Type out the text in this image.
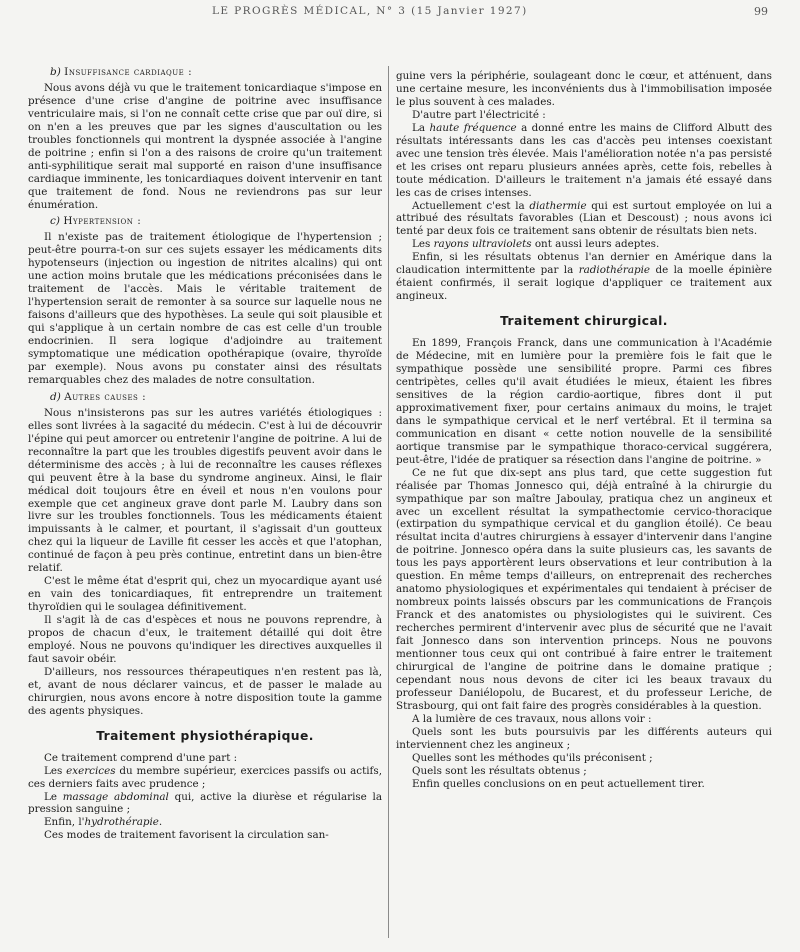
LE PROGRÈS MÉDICAL, N° 3 (15 Janvier 1927)	99
b) Insuffisance cardiaque :

Nous avons déjà vu que le traitement tonicardiaque s'impose en présence d'une crise d'angine de poitrine avec insuffisance ventriculaire mais, si l'on ne connaît cette crise que par ouï dire, si on n'en a les preuves que par les signes d'auscultation ou les troubles fonctionnels qui montrent la dyspnée associée à l'angine de poitrine ; enfin si l'on a des raisons de croire qu'un traitement anti-syphilitique serait mal supporté en raison d'une insuffisance cardiaque imminente, les tonicardiaques doivent intervenir en tant que traitement de fond. Nous ne reviendrons pas sur leur énumération.

c) Hypertension :

Il n'existe pas de traitement étiologique de l'hypertension ; peut-être pourra-t-on sur ces sujets essayer les médicaments dits hypotenseurs (injection ou ingestion de nitrites alcalins) qui ont une action moins brutale que les médications préconisées dans le traitement de l'accès. Mais le véritable traitement de l'hypertension serait de remonter à sa source sur laquelle nous ne faisons d'ailleurs que des hypothèses. La seule qui soit plausible et qui s'applique à un certain nombre de cas est celle d'un trouble endocrinien. Il sera logique d'adjoindre au traitement symptomatique une médication opothérapique (ovaire, thyroïde par exemple). Nous avons pu constater ainsi des résultats remarquables chez des malades de notre consultation.

d) Autres causes :

Nous n'insisterons pas sur les autres variétés étiologiques : elles sont livrées à la sagacité du médecin. C'est à lui de découvrir l'épine qui peut amorcer ou entretenir l'angine de poitrine. A lui de reconnaître la part que les troubles digestifs peuvent avoir dans le déterminisme des accès ; à lui de reconnaître les causes réflexes qui peuvent être à la base du syndrome angineux. Ainsi, le flair médical doit toujours être en éveil et nous n'en voulons pour exemple que cet angineux grave dont parle M. Laubry dans son livre sur les troubles fonctionnels. Tous les médicaments étaient impuissants à le calmer, et pourtant, il s'agissait d'un goutteux chez qui la liqueur de Laville fit cesser les accès et que l'atophan, continué de façon à peu près continue, entretint dans un bien-être relatif.

C'est le même état d'esprit qui, chez un myocardique ayant usé en vain des tonicardiaques, fit entreprendre un traitement thyroïdien qui le soulagea définitivement.

Il s'agit là de cas d'espèces et nous ne pouvons reprendre, à propos de chacun d'eux, le traitement détaillé qui doit être employé. Nous ne pouvons qu'indiquer les directives auxquelles il faut savoir obéir.

D'ailleurs, nos ressources thérapeutiques n'en restent pas là, et, avant de nous déclarer vaincus, et de passer le malade au chirurgien, nous avons encore à notre disposition toute la gamme des agents physiques.

Traitement physiothérapique.

Ce traitement comprend d'une part :

Les exercices du membre supérieur, exercices passifs ou actifs, ces derniers faits avec prudence ;

Le massage abdominal qui, active la diurèse et régularise la pression sanguine ;

Enfin, l'hydrothérapie.

Ces modes de traitement favorisent la circulation san-

guine vers la périphérie, soulageant donc le cœur, et atténuent, dans une certaine mesure, les inconvénients dus à l'immobilisation imposée le plus souvent à ces malades.

D'autre part l'électricité :

La haute fréquence a donné entre les mains de Clifford Albutt des résultats intéressants dans les cas d'accès peu intenses coexistant avec une tension très élevée. Mais l'amélioration notée n'a pas persisté et les crises ont reparu plusieurs années après, cette fois, rebelles à toute médication. D'ailleurs le traitement n'a jamais été essayé dans les cas de crises intenses.

Actuellement c'est la diathermie qui est surtout employée on lui a attribué des résultats favorables (Lian et Descoust) ; nous avons ici tenté par deux fois ce traitement sans obtenir de résultats bien nets.

Les rayons ultraviolets ont aussi leurs adeptes.

Enfin, si les résultats obtenus l'an dernier en Amérique dans la claudication intermittente par la radiothérapie de la moelle épinière étaient confirmés, il serait logique d'appliquer ce traitement aux angineux.

Traitement chirurgical.

En 1899, François Franck, dans une communication à l'Académie de Médecine, mit en lumière pour la première fois le fait que le sympathique possède une sensibilité propre. Parmi ces fibres centripètes, celles qu'il avait étudiées le mieux, étaient les fibres sensitives de la région cardio-aortique, fibres dont il put approximativement fixer, pour certains animaux du moins, le trajet dans le sympathique cervical et le nerf vertébral. Et il termina sa communication en disant « cette notion nouvelle de la sensibilité aortique transmise par le sympathique thoraco-cervical suggérera, peut-être, l'idée de pratiquer sa résection dans l'angine de poitrine. »

Ce ne fut que dix-sept ans plus tard, que cette suggestion fut réalisée par Thomas Jonnesco qui, déjà entraîné à la chirurgie du sympathique par son maître Jaboulay, pratiqua chez un angineux et avec un excellent résultat la sympathectomie cervico-thoracique (extirpation du sympathique cervical et du ganglion étoilé). Ce beau résultat incita d'autres chirurgiens à essayer d'intervenir dans l'angine de poitrine. Jonnesco opéra dans la suite plusieurs cas, les savants de tous les pays apportèrent leurs observations et leur contribution à la question. En même temps d'ailleurs, on entreprenait des recherches anatomo physiologiques et expérimentales qui tendaient à préciser de nombreux points laissés obscurs par les communications de François Franck et des anatomistes ou physiologistes qui le suivirent. Ces recherches permirent d'intervenir avec plus de sécurité que ne l'avait fait Jonnesco dans son intervention princeps. Nous ne pouvons mentionner tous ceux qui ont contribué à faire entrer le traitement chirurgical de l'angine de poitrine dans le domaine pratique ; cependant nous nous devons de citer ici les beaux travaux du professeur Daniélopolu, de Bucarest, et du professeur Leriche, de Strasbourg, qui ont fait faire des progrès considérables à la question.

A la lumière de ces travaux, nous allons voir :

Quels sont les buts poursuivis par les différents auteurs qui interviennent chez les angineux ;

Quelles sont les méthodes qu'ils préconisent ;

Quels sont les résultats obtenus ;

Enfin quelles conclusions on en peut actuellement tirer.
